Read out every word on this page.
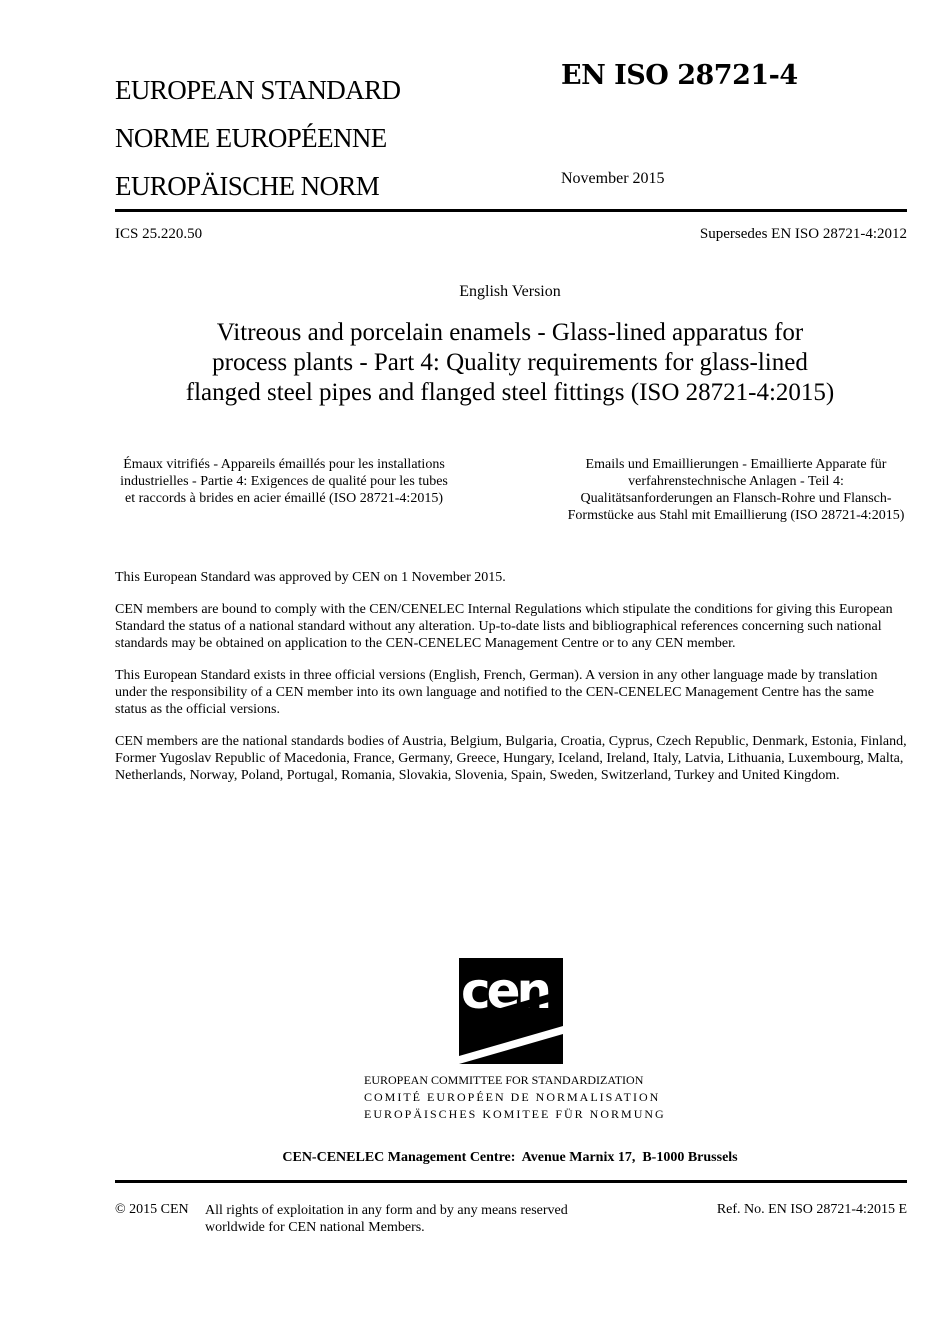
EUROPEAN STANDARD
NORME EUROPÉENNE
EUROPÄISCHE NORM
EN ISO 28721-4
November 2015
ICS 25.220.50	Supersedes EN ISO 28721-4:2012
English Version
Vitreous and porcelain enamels - Glass-lined apparatus for process plants - Part 4: Quality requirements for glass-lined flanged steel pipes and flanged steel fittings (ISO 28721-4:2015)
Émaux vitrifiés - Appareils émaillés pour les installations industrielles - Partie 4: Exigences de qualité pour les tubes et raccords à brides en acier émaillé (ISO 28721-4:2015)
Emails und Emaillierungen - Emaillierte Apparate für verfahrenstechnische Anlagen - Teil 4: Qualitätsanforderungen an Flansch-Rohre und Flansch-Formstücke aus Stahl mit Emaillierung (ISO 28721-4:2015)

This European Standard was approved by CEN on 1 November 2015.

CEN members are bound to comply with the CEN/CENELEC Internal Regulations which stipulate the conditions for giving this European Standard the status of a national standard without any alteration. Up-to-date lists and bibliographical references concerning such national standards may be obtained on application to the CEN-CENELEC Management Centre or to any CEN member.

This European Standard exists in three official versions (English, French, German). A version in any other language made by translation under the responsibility of a CEN member into its own language and notified to the CEN-CENELEC Management Centre has the same status as the official versions.

CEN members are the national standards bodies of Austria, Belgium, Bulgaria, Croatia, Cyprus, Czech Republic, Denmark, Estonia, Finland, Former Yugoslav Republic of Macedonia, France, Germany, Greece, Hungary, Iceland, Ireland, Italy, Latvia, Lithuania, Luxembourg, Malta, Netherlands, Norway, Poland, Portugal, Romania, Slovakia, Slovenia, Spain, Sweden, Switzerland, Turkey and United Kingdom.

cen
EUROPEAN COMMITTEE FOR STANDARDIZATION
COMITÉ EUROPÉEN DE NORMALISATION
EUROPÄISCHES KOMITEE FÜR NORMUNG
CEN-CENELEC Management Centre:  Avenue Marnix 17,  B-1000 Brussels
© 2015 CEN All rights of exploitation in any form and by any means reserved worldwide for CEN national Members.
Ref. No. EN ISO 28721-4:2015 E
